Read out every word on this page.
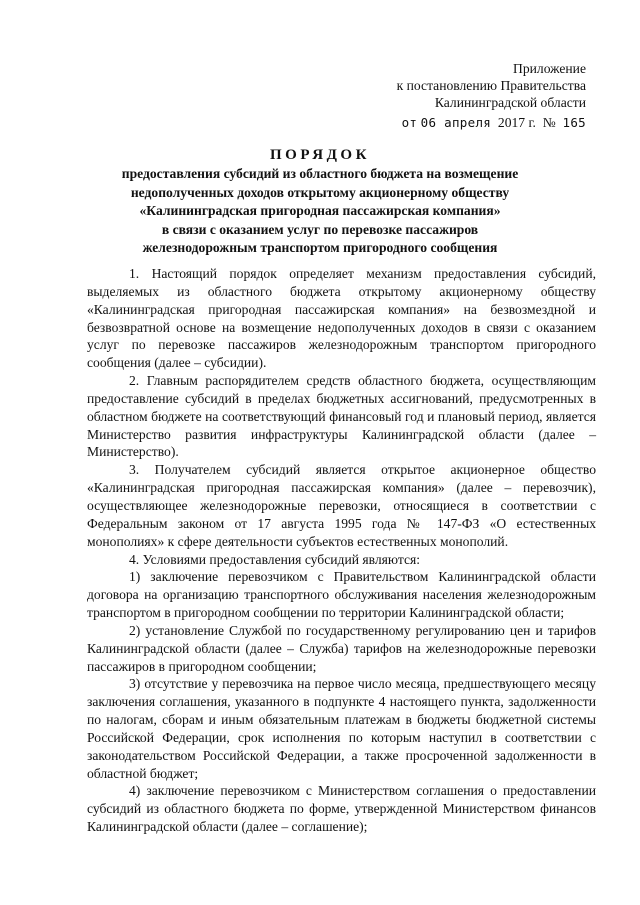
Приложение
к постановлению Правительства
Калининградской области
от 06 апреля 2017 г. № 165
ПОРЯДОК
предоставления субсидий из областного бюджета на возмещение
недополученных доходов открытому акционерному обществу
«Калининградская пригородная пассажирская компания»
в связи с оказанием услуг по перевозке пассажиров
железнодорожным транспортом пригородного сообщения

1. Настоящий порядок определяет механизм предоставления субсидий, выделяемых из областного бюджета открытому акционерному обществу «Калининградская пригородная пассажирская компания» на безвозмездной и безвозвратной основе на возмещение недополученных доходов в связи с оказанием услуг по перевозке пассажиров железнодорожным транспортом пригородного сообщения (далее – субсидии).

2. Главным распорядителем средств областного бюджета, осуществляющим предоставление субсидий в пределах бюджетных ассигнований, предусмотренных в областном бюджете на соответствующий финансовый год и плановый период, является Министерство развития инфраструктуры Калининградской области (далее – Министерство).

3. Получателем субсидий является открытое акционерное общество «Калининградская пригородная пассажирская компания» (далее – перевозчик), осуществляющее железнодорожные перевозки, относящиеся в соответствии с Федеральным законом от 17 августа 1995 года № 147-ФЗ «О естественных монополиях» к сфере деятельности субъектов естественных монополий.

4. Условиями предоставления субсидий являются:

1) заключение перевозчиком с Правительством Калининградской области договора на организацию транспортного обслуживания населения железнодорожным транспортом в пригородном сообщении по территории Калининградской области;

2) установление Службой по государственному регулированию цен и тарифов Калининградской области (далее – Служба) тарифов на железнодорожные перевозки пассажиров в пригородном сообщении;

3) отсутствие у перевозчика на первое число месяца, предшествующего месяцу заключения соглашения, указанного в подпункте 4 настоящего пункта, задолженности по налогам, сборам и иным обязательным платежам в бюджеты бюджетной системы Российской Федерации, срок исполнения по которым наступил в соответствии с законодательством Российской Федерации, а также просроченной задолженности в областной бюджет;

4) заключение перевозчиком с Министерством соглашения о предоставлении субсидий из областного бюджета по форме, утвержденной Министерством финансов Калининградской области (далее – соглашение);
